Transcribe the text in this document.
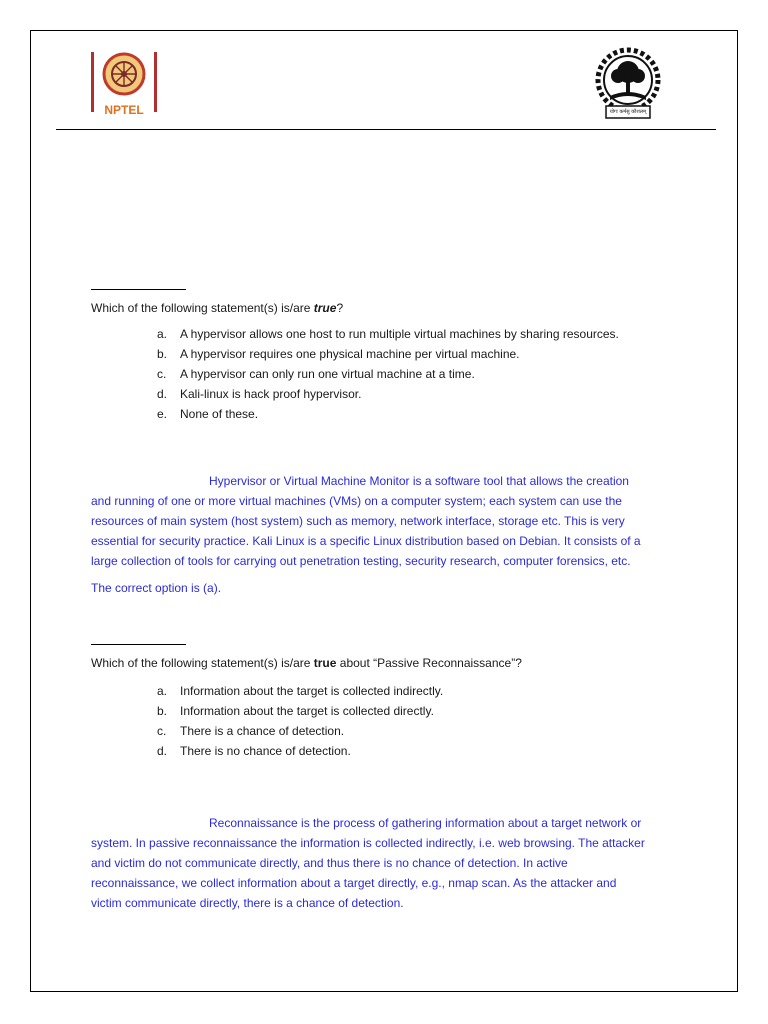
NPTEL	योगः कर्मसु कौशलम्
Which of the following statement(s) is/are true?
a.	A hypervisor allows one host to run multiple virtual machines by sharing resources.
b.	A hypervisor requires one physical machine per virtual machine.
c.	A hypervisor can only run one virtual machine at a time.
d.	Kali-linux is hack proof hypervisor.
e.	None of these.
Hypervisor or Virtual Machine Monitor is a software tool that allows the creation
and running of one or more virtual machines (VMs) on a computer system; each system can use the
resources of main system (host system) such as memory, network interface, storage etc. This is very
essential for security practice. Kali Linux is a specific Linux distribution based on Debian. It consists of a
large collection of tools for carrying out penetration testing, security research, computer forensics, etc.
The correct option is (a).
Which of the following statement(s) is/are true about “Passive Reconnaissance”?
a.	Information about the target is collected indirectly.
b.	Information about the target is collected directly.
c.	There is a chance of detection.
d.	There is no chance of detection.
Reconnaissance is the process of gathering information about a target network or
system. In passive reconnaissance the information is collected indirectly, i.e. web browsing. The attacker
and victim do not communicate directly, and thus there is no chance of detection. In active
reconnaissance, we collect information about a target directly, e.g., nmap scan. As the attacker and
victim communicate directly, there is a chance of detection.
